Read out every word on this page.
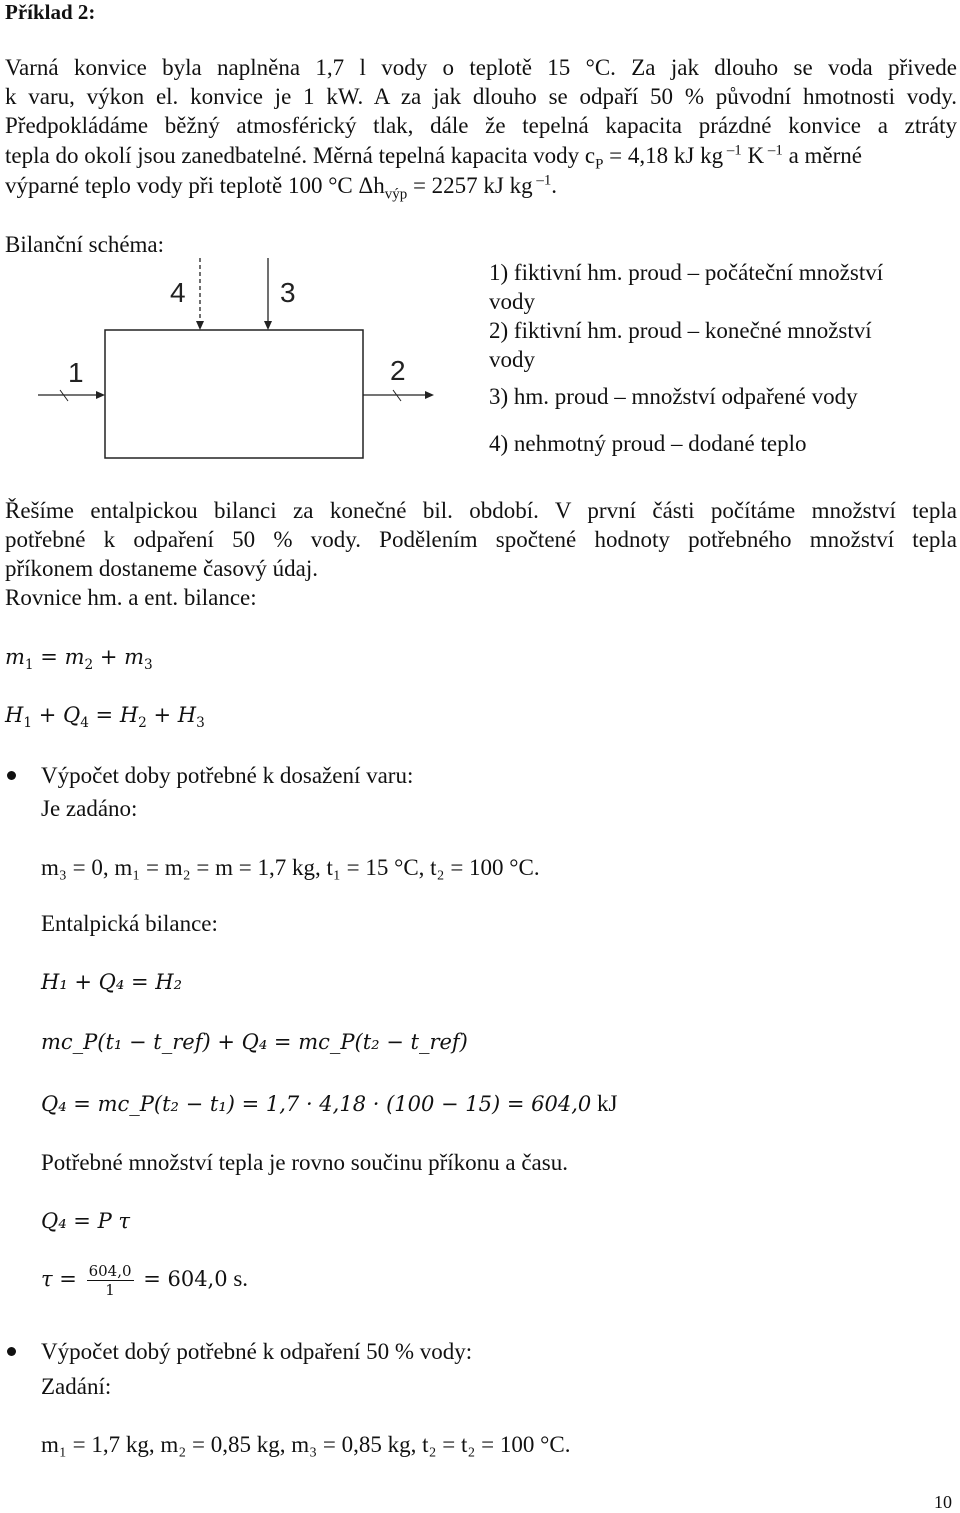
Příklad 2:
Varná konvice byla naplněna 1,7 l vody o teplotě 15 °C. Za jak dlouho se voda přivede
k varu, výkon el. konvice je 1 kW. A za jak dlouho se odpaří 50 % původní hmotnosti vody.
Předpokládáme běžný atmosférický tlak, dále že tepelná kapacita prázdné konvice a ztráty
tepla do okolí jsou zanedbatelné. Měrná tepelná kapacita vody $c_P = 4,18$ kJ kg $^{-1}$ K $^{-1}$ a měrné
výparné teplo vody při teplotě 100 °C $\Delta h_{výp} = 2257$ kJ kg $^{-1}$.
Bilanční schéma:
1	2
4	3
1) fiktivní hm. proud – počáteční množství
vody
2) fiktivní hm. proud – konečné množství
vody
3) hm. proud – množství odpařené vody
4) nehmotný proud – dodané teplo
Řešíme entalpickou bilanci za konečné bil. období. V první části počítáme množství tepla
potřebné k odpaření 50 % vody. Podělením spočtené hodnoty potřebného množství tepla
příkonem dostaneme časový údaj.
Rovnice hm. a ent. bilance:
$m_1 = m_2 + m_3$
$H_1 + Q_4 = H_2 + H_3$
Výpočet doby potřebné k dosažení varu:
Je zadáno:
m₃ = 0, m₁ = m₂ = m = 1,7 kg, t₁ = 15 °C, t₂ = 100 °C.
Entalpická bilance:
H₁ + Q₄ = H₂
mc_P(t₁ − t_ref) + Q₄ = mc_P(t₂ − t_ref)
Q₄ = mc_P(t₂ − t₁) = 1,7 · 4,18 · (100 − 15) = 604,0 kJ
Potřebné množství tepla je rovno součinu příkonu a času.
Q₄ = P τ
$\tau = \frac{604,0}{1} = 604,0$ s.
Výpočet dobý potřebné k odpaření 50 % vody:
Zadání:
m₁ = 1,7 kg, m₂ = 0,85 kg, m₃ = 0,85 kg, t₂ = t₂ = 100 °C.
10
